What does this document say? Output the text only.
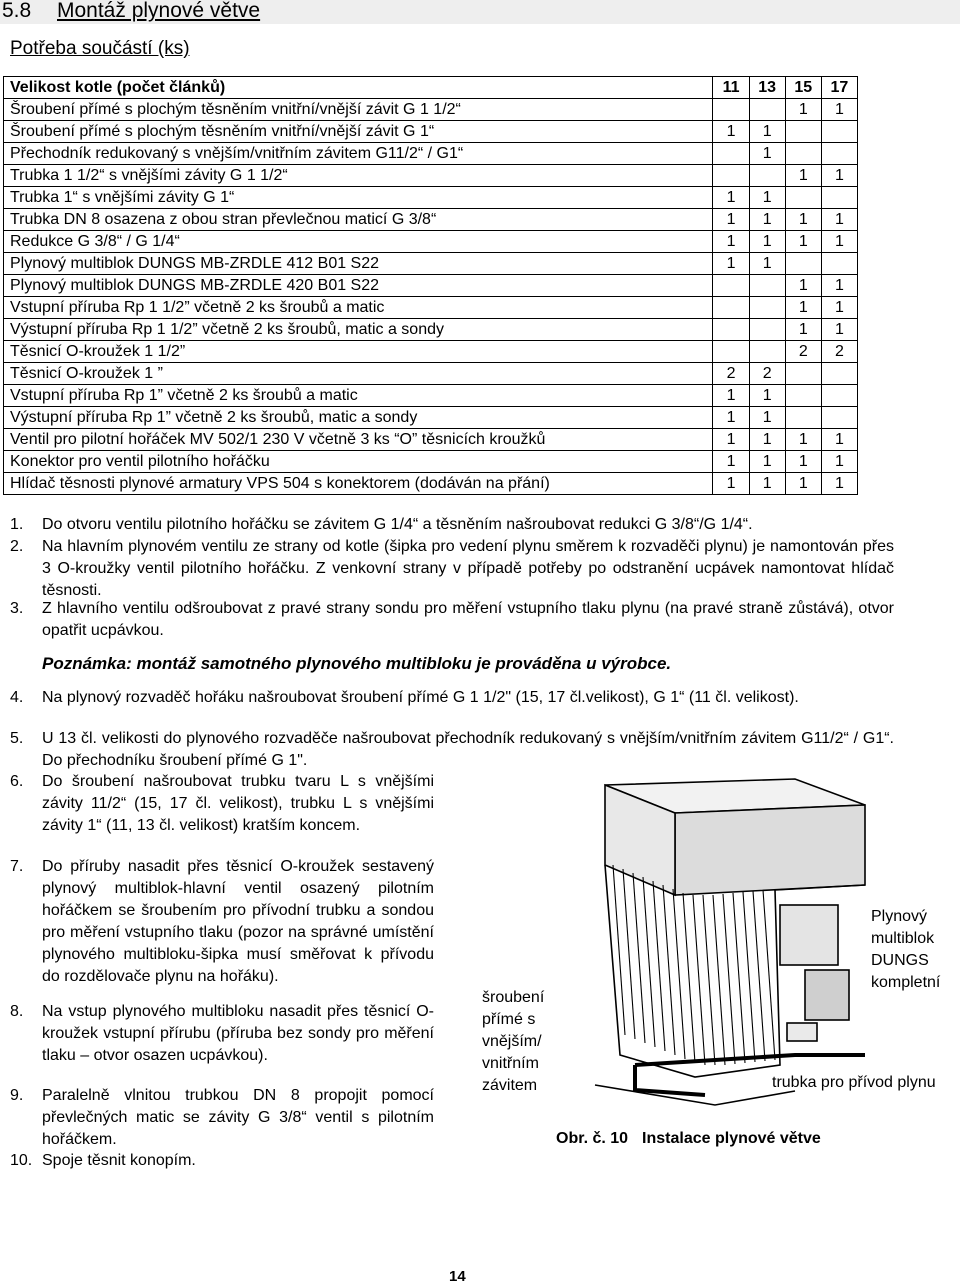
5.8 Montáž plynové větve
Potřeba součástí (ks)
Velikost kotle (počet článků)	11	13	15	17
Šroubení přímé s plochým těsněním vnitřní/vnější závit G 1 1/2“			1	1
Šroubení přímé s plochým těsněním vnitřní/vnější závit G 1“	1	1		
Přechodník redukovaný s vnějším/vnitřním závitem G11/2“ / G1“		1		
Trubka 1 1/2“ s vnějšími závity G 1 1/2“			1	1
Trubka 1“ s vnějšími závity G 1“	1	1		
Trubka DN 8 osazena z obou stran převlečnou maticí G 3/8“	1	1	1	1
Redukce G 3/8“ / G 1/4“	1	1	1	1
Plynový multiblok DUNGS MB-ZRDLE 412 B01 S22	1	1		
Plynový multiblok DUNGS MB-ZRDLE 420 B01 S22			1	1
Vstupní příruba Rp 1 1/2” včetně 2 ks šroubů a matic			1	1
Výstupní příruba Rp 1 1/2” včetně 2 ks šroubů, matic a sondy			1	1
Těsnicí O-kroužek 1 1/2”			2	2
Těsnicí O-kroužek 1 ”	2	2		
Vstupní příruba Rp 1” včetně 2 ks šroubů a matic	1	1		
Výstupní příruba Rp 1” včetně 2 ks šroubů, matic a sondy	1	1		
Ventil pro pilotní hořáček MV 502/1 230 V včetně 3 ks “O” těsnicích kroužků	1	1	1	1
Konektor pro ventil pilotního hořáčku	1	1	1	1
Hlídač těsnosti plynové armatury VPS 504 s konektorem (dodáván na přání)	1	1	1	1
1. Do otvoru ventilu pilotního hořáčku se závitem G 1/4“ a těsněním našroubovat redukci G 3/8“/G 1/4“.
2. Na hlavním plynovém ventilu ze strany od kotle (šipka pro vedení plynu směrem k rozvaděči plynu) je namontován přes 3 O-kroužky ventil pilotního hořáčku. Z venkovní strany v případě potřeby po odstranění ucpávek namontovat hlídač těsnosti.
3. Z hlavního ventilu odšroubovat z pravé strany sondu pro měření vstupního tlaku plynu (na pravé straně zůstává), otvor opatřit ucpávkou.
Poznámka: montáž samotného plynového multibloku je prováděna u výrobce.
4. Na plynový rozvaděč hořáku našroubovat šroubení přímé G 1 1/2" (15, 17 čl.velikost), G 1“ (11 čl. velikost).
5. U 13 čl. velikosti do plynového rozvaděče našroubovat přechodník redukovaný s vnějším/vnitřním závitem G11/2“ / G1“. Do přechodníku šroubení přímé G 1".
6. Do šroubení našroubovat trubku tvaru L s vnějšími závity 11/2“ (15, 17 čl. velikost), trubku L s vnějšími závity 1“ (11, 13 čl. velikost) kratším koncem.
7. Do příruby nasadit přes těsnicí O-kroužek sestavený plynový multiblok-hlavní ventil osazený pilotním hořáčkem se šroubením pro přívodní trubku a sondou pro měření vstupního tlaku (pozor na správné umístění plynového multibloku-šipka musí směřovat k přívodu do rozdělovače plynu na hořáku).
8. Na vstup plynového multibloku nasadit přes těsnicí O-kroužek vstupní přírubu (příruba bez sondy pro měření tlaku – otvor osazen ucpávkou).
9. Paralelně vlnitou trubkou DN 8 propojit pomocí převlečných matic se závity G 3/8“ ventil s pilotním hořáčkem.
10. Spoje těsnit konopím.
Plynový multiblok DUNGS kompletní
šroubení přímé s vnějším/ vnitřním závitem	trubka pro přívod plynu
Obr. č. 10 Instalace plynové větve
14
